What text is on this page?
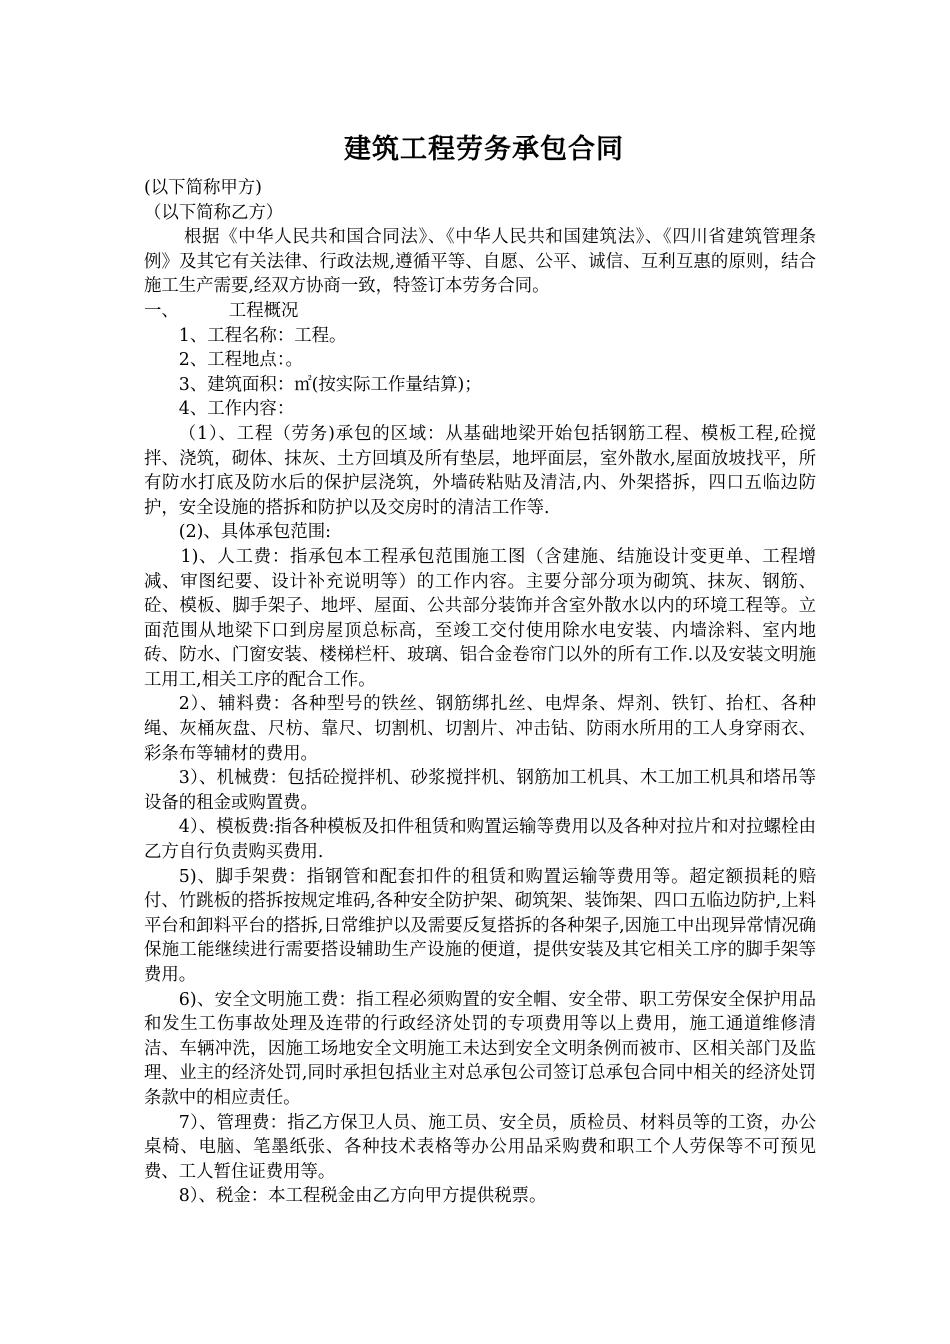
建筑工程劳务承包合同

(以下简称甲方)

（以下简称乙方）

根据《中华人民共和国合同法》、《中华人民共和国建筑法》、《四川省建筑管理条例》及其它有关法律、行政法规,遵循平等、自愿、公平、诚信、互利互惠的原则，结合施工生产需要,经双方协商一致，特签订本劳务合同。

一、	工程概况

1、工程名称：工程。

2、工程地点：。

3、建筑面积：㎡(按实际工作量结算)；

4、工作内容：

（1）、工程（劳务)承包的区域：从基础地梁开始包括钢筋工程、模板工程,砼搅拌、浇筑，砌体、抹灰、土方回填及所有垫层，地坪面层，室外散水,屋面放坡找平，所有防水打底及防水后的保护层浇筑，外墙砖粘贴及清洁,内、外架搭拆，四口五临边防护，安全设施的搭拆和防护以及交房时的清洁工作等.

(2)、具体承包范围:

1)、人工费：指承包本工程承包范围施工图（含建施、结施设计变更单、工程增减、审图纪要、设计补充说明等）的工作内容。主要分部分项为砌筑、抹灰、钢筋、砼、模板、脚手架子、地坪、屋面、公共部分装饰并含室外散水以内的环境工程等。立面范围从地梁下口到房屋顶总标高，至竣工交付使用除水电安装、内墙涂料、室内地砖、防水、门窗安装、楼梯栏杆、玻璃、铝合金卷帘门以外的所有工作.以及安装文明施工用工,相关工序的配合工作。

2）、辅料费：各种型号的铁丝、钢筋绑扎丝、电焊条、焊剂、铁钉、抬杠、各种绳、灰桶灰盘、尺枋、靠尺、切割机、切割片、冲击钻、防雨水所用的工人身穿雨衣、彩条布等辅材的费用。

3）、机械费：包括砼搅拌机、砂浆搅拌机、钢筋加工机具、木工加工机具和塔吊等设备的租金或购置费。

4）、模板费:指各种模板及扣件租赁和购置运输等费用以及各种对拉片和对拉螺栓由乙方自行负责购买费用.

5)、脚手架费：指钢管和配套扣件的租赁和购置运输等费用等。超定额损耗的赔付、竹跳板的搭拆按规定堆码,各种安全防护架、砌筑架、装饰架、四口五临边防护,上料平台和卸料平台的搭拆,日常维护以及需要反复搭拆的各种架子,因施工中出现异常情况确保施工能继续进行需要搭设辅助生产设施的便道，提供安装及其它相关工序的脚手架等费用。

6)、安全文明施工费：指工程必须购置的安全帽、安全带、职工劳保安全保护用品和发生工伤事故处理及连带的行政经济处罚的专项费用等以上费用，施工通道维修清洁、车辆冲洗，因施工场地安全文明施工未达到安全文明条例而被市、区相关部门及监理、业主的经济处罚,同时承担包括业主对总承包公司签订总承包合同中相关的经济处罚条款中的相应责任。

7）、管理费：指乙方保卫人员、施工员、安全员，质检员、材料员等的工资，办公桌椅、电脑、笔墨纸张、各种技术表格等办公用品采购费和职工个人劳保等不可预见费、工人暂住证费用等。

8）、税金：本工程税金由乙方向甲方提供税票。
